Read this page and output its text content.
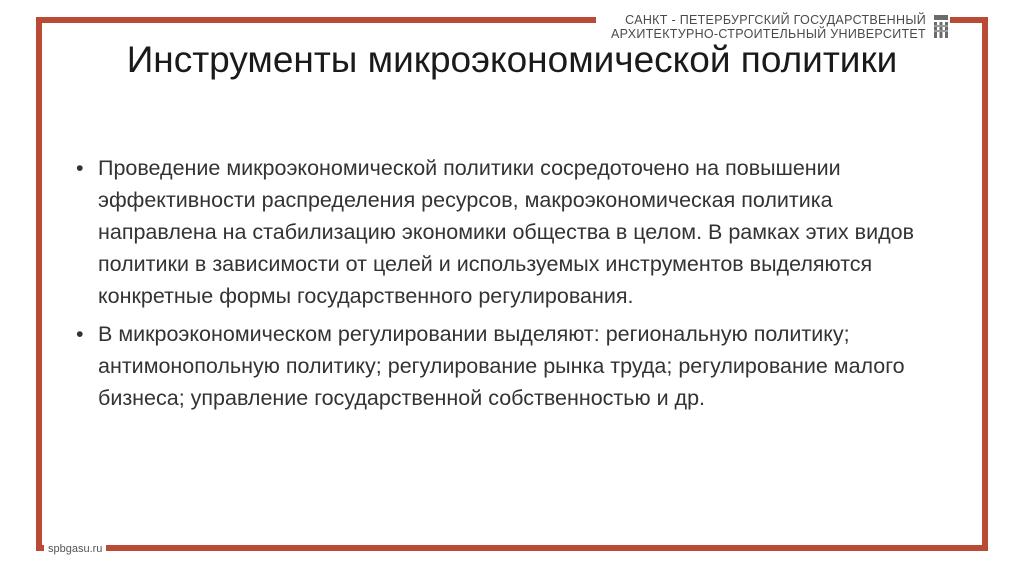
САНКТ - ПЕТЕРБУРГСКИЙ ГОСУДАРСТВЕННЫЙ
АРХИТЕКТУРНО-СТРОИТЕЛЬНЫЙ УНИВЕРСИТЕТ
Инструменты микроэкономической политики
• Проведение микроэкономической политики сосредоточено на повышении эффективности распределения ресурсов, макроэкономическая политика направлена на стабилизацию экономики общества в целом. В рамках этих видов политики в зависимости от целей и используемых инструментов выделяются конкретные формы государственного регулирования.
• В микроэкономическом регулировании выделяют: региональную политику; антимонопольную политику; регулирование рынка труда; регулирование малого бизнеса; управление государственной собственностью и др.
spbgasu.ru
